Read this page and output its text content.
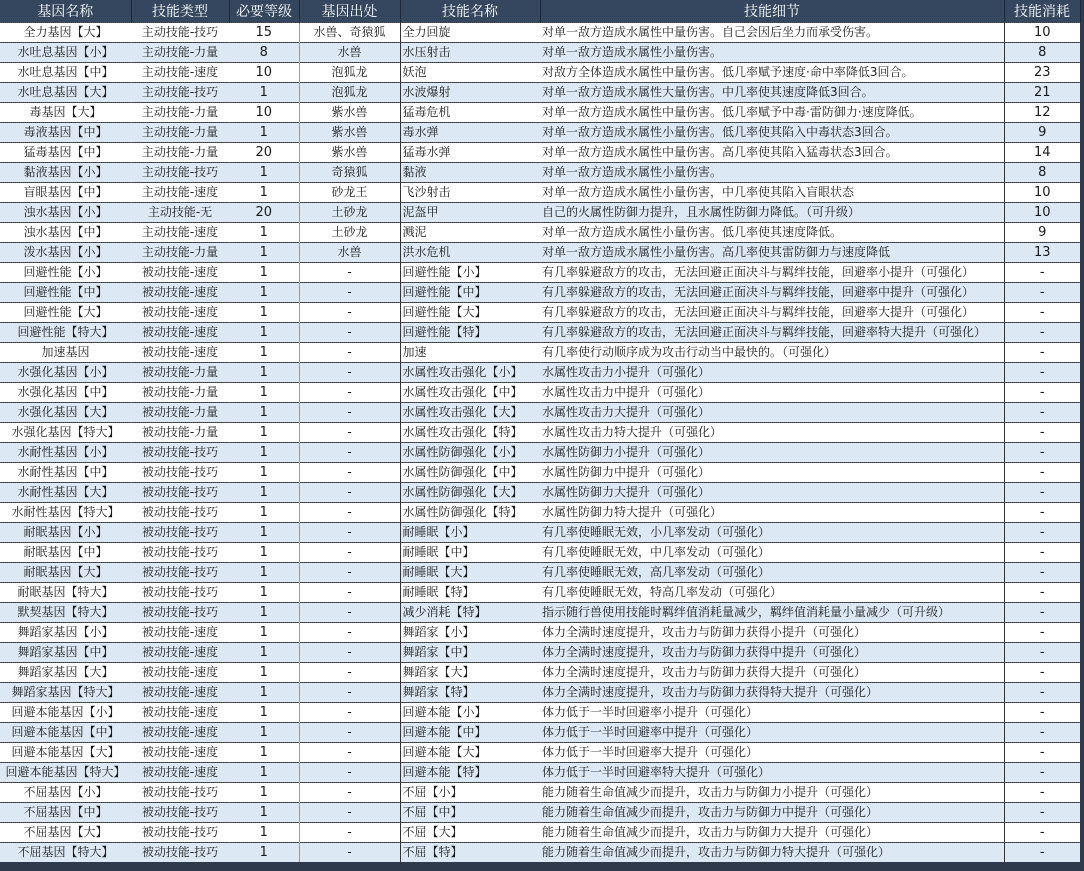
基因名称	技能类型	必要等级	基因出处	技能名称	技能细节	技能消耗
全力基因【大】	主动技能-技巧	15	水兽、奇猿狐	全力回旋	对单一敌方造成水属性中量伤害。自己会因后坐力而承受伤害。	10
水吐息基因【小】	主动技能-力量	8	水兽	水压射击	对单一敌方造成水属性小量伤害。	8
水吐息基因【中】	主动技能-速度	10	泡狐龙	妖泡	对敌方全体造成水属性中量伤害。低几率赋予速度·命中率降低3回合。	23
水吐息基因【大】	主动技能-技巧	1	泡狐龙	水波爆射	对单一敌方造成水属性大量伤害。中几率使其速度降低3回合。	21
毒基因【大】	主动技能-力量	10	紫水兽	猛毒危机	对单一敌方造成水属性中量伤害。低几率赋予中毒·雷防御力·速度降低。	12
毒液基因【中】	主动技能-力量	1	紫水兽	毒水弹	对单一敌方造成水属性小量伤害。低几率使其陷入中毒状态3回合。	9
猛毒基因【中】	主动技能-力量	20	紫水兽	猛毒水弹	对单一敌方造成水属性中量伤害。高几率使其陷入猛毒状态3回合。	14
黏液基因【小】	主动技能-技巧	1	奇猿狐	黏液	对单一敌方造成水属性小量伤害。	8
盲眼基因【中】	主动技能-速度	1	砂龙王	飞沙射击	对单一敌方造成水属性小量伤害，中几率使其陷入盲眼状态	10
浊水基因【小】	主动技能-无	20	土砂龙	泥盔甲	自己的火属性防御力提升，且水属性防御力降低。（可升级）	10
浊水基因【中】	主动技能-速度	1	土砂龙	溅泥	对单一敌方造成水属性小量伤害。低几率使其速度降低。	9
泼水基因【小】	主动技能-力量	1	水兽	洪水危机	对单一敌方造成水属性小量伤害。高几率使其雷防御力与速度降低	13
回避性能【小】	被动技能-速度	1	-	回避性能【小】	有几率躲避敌方的攻击，无法回避正面决斗与羁绊技能，回避率小提升（可强化）	-
回避性能【中】	被动技能-速度	1	-	回避性能【中】	有几率躲避敌方的攻击，无法回避正面决斗与羁绊技能，回避率中提升（可强化）	-
回避性能【大】	被动技能-速度	1	-	回避性能【大】	有几率躲避敌方的攻击，无法回避正面决斗与羁绊技能，回避率大提升（可强化）	-
回避性能【特大】	被动技能-速度	1	-	回避性能【特】	有几率躲避敌方的攻击，无法回避正面决斗与羁绊技能，回避率特大提升（可强化）	-
加速基因	被动技能-速度	1	-	加速	有几率使行动顺序成为攻击行动当中最快的。（可强化）	-
水强化基因【小】	被动技能-力量	1	-	水属性攻击强化【小】	水属性攻击力小提升（可强化）	-
水强化基因【中】	被动技能-力量	1	-	水属性攻击强化【中】	水属性攻击力中提升（可强化）	-
水强化基因【大】	被动技能-力量	1	-	水属性攻击强化【大】	水属性攻击力大提升（可强化）	-
水强化基因【特大】	被动技能-力量	1	-	水属性攻击强化【特】	水属性攻击力特大提升（可强化）	-
水耐性基因【小】	被动技能-技巧	1	-	水属性防御强化【小】	水属性防御力小提升（可强化）	-
水耐性基因【中】	被动技能-技巧	1	-	水属性防御强化【中】	水属性防御力中提升（可强化）	-
水耐性基因【大】	被动技能-技巧	1	-	水属性防御强化【大】	水属性防御力大提升（可强化）	-
水耐性基因【特大】	被动技能-技巧	1	-	水属性防御强化【特】	水属性防御力特大提升（可强化）	-
耐眠基因【小】	被动技能-技巧	1	-	耐睡眠【小】	有几率使睡眠无效，小几率发动（可强化）	-
耐眠基因【中】	被动技能-技巧	1	-	耐睡眠【中】	有几率使睡眠无效，中几率发动（可强化）	-
耐眠基因【大】	被动技能-技巧	1	-	耐睡眠【大】	有几率使睡眠无效，高几率发动（可强化）	-
耐眠基因【特大】	被动技能-技巧	1	-	耐睡眠【特】	有几率使睡眠无效，特高几率发动（可强化）	-
默契基因【特大】	被动技能-技巧	1	-	减少消耗【特】	指示随行兽使用技能时羁绊值消耗量减少，羁绊值消耗量小量减少（可升级）	-
舞蹈家基因【小】	被动技能-速度	1	-	舞蹈家【小】	体力全满时速度提升，攻击力与防御力获得小提升（可强化）	-
舞蹈家基因【中】	被动技能-速度	1	-	舞蹈家【中】	体力全满时速度提升，攻击力与防御力获得中提升（可强化）	-
舞蹈家基因【大】	被动技能-速度	1	-	舞蹈家【大】	体力全满时速度提升，攻击力与防御力获得大提升（可强化）	-
舞蹈家基因【特大】	被动技能-速度	1	-	舞蹈家【特】	体力全满时速度提升，攻击力与防御力获得特大提升（可强化）	-
回避本能基因【小】	被动技能-速度	1	-	回避本能【小】	体力低于一半时回避率小提升（可强化）	-
回避本能基因【中】	被动技能-速度	1	-	回避本能【中】	体力低于一半时回避率中提升（可强化）	-
回避本能基因【大】	被动技能-速度	1	-	回避本能【大】	体力低于一半时回避率大提升（可强化）	-
回避本能基因【特大】	被动技能-速度	1	-	回避本能【特】	体力低于一半时回避率特大提升（可强化）	-
不屈基因【小】	被动技能-技巧	1	-	不屈【小】	能力随着生命值减少而提升，攻击力与防御力小提升（可强化）	-
不屈基因【中】	被动技能-技巧	1	-	不屈【中】	能力随着生命值减少而提升，攻击力与防御力中提升（可强化）	-
不屈基因【大】	被动技能-技巧	1	-	不屈【大】	能力随着生命值减少而提升，攻击力与防御力大提升（可强化）	-
不屈基因【特大】	被动技能-技巧	1	-	不屈【特】	能力随着生命值减少而提升，攻击力与防御力特大提升（可强化）	-
